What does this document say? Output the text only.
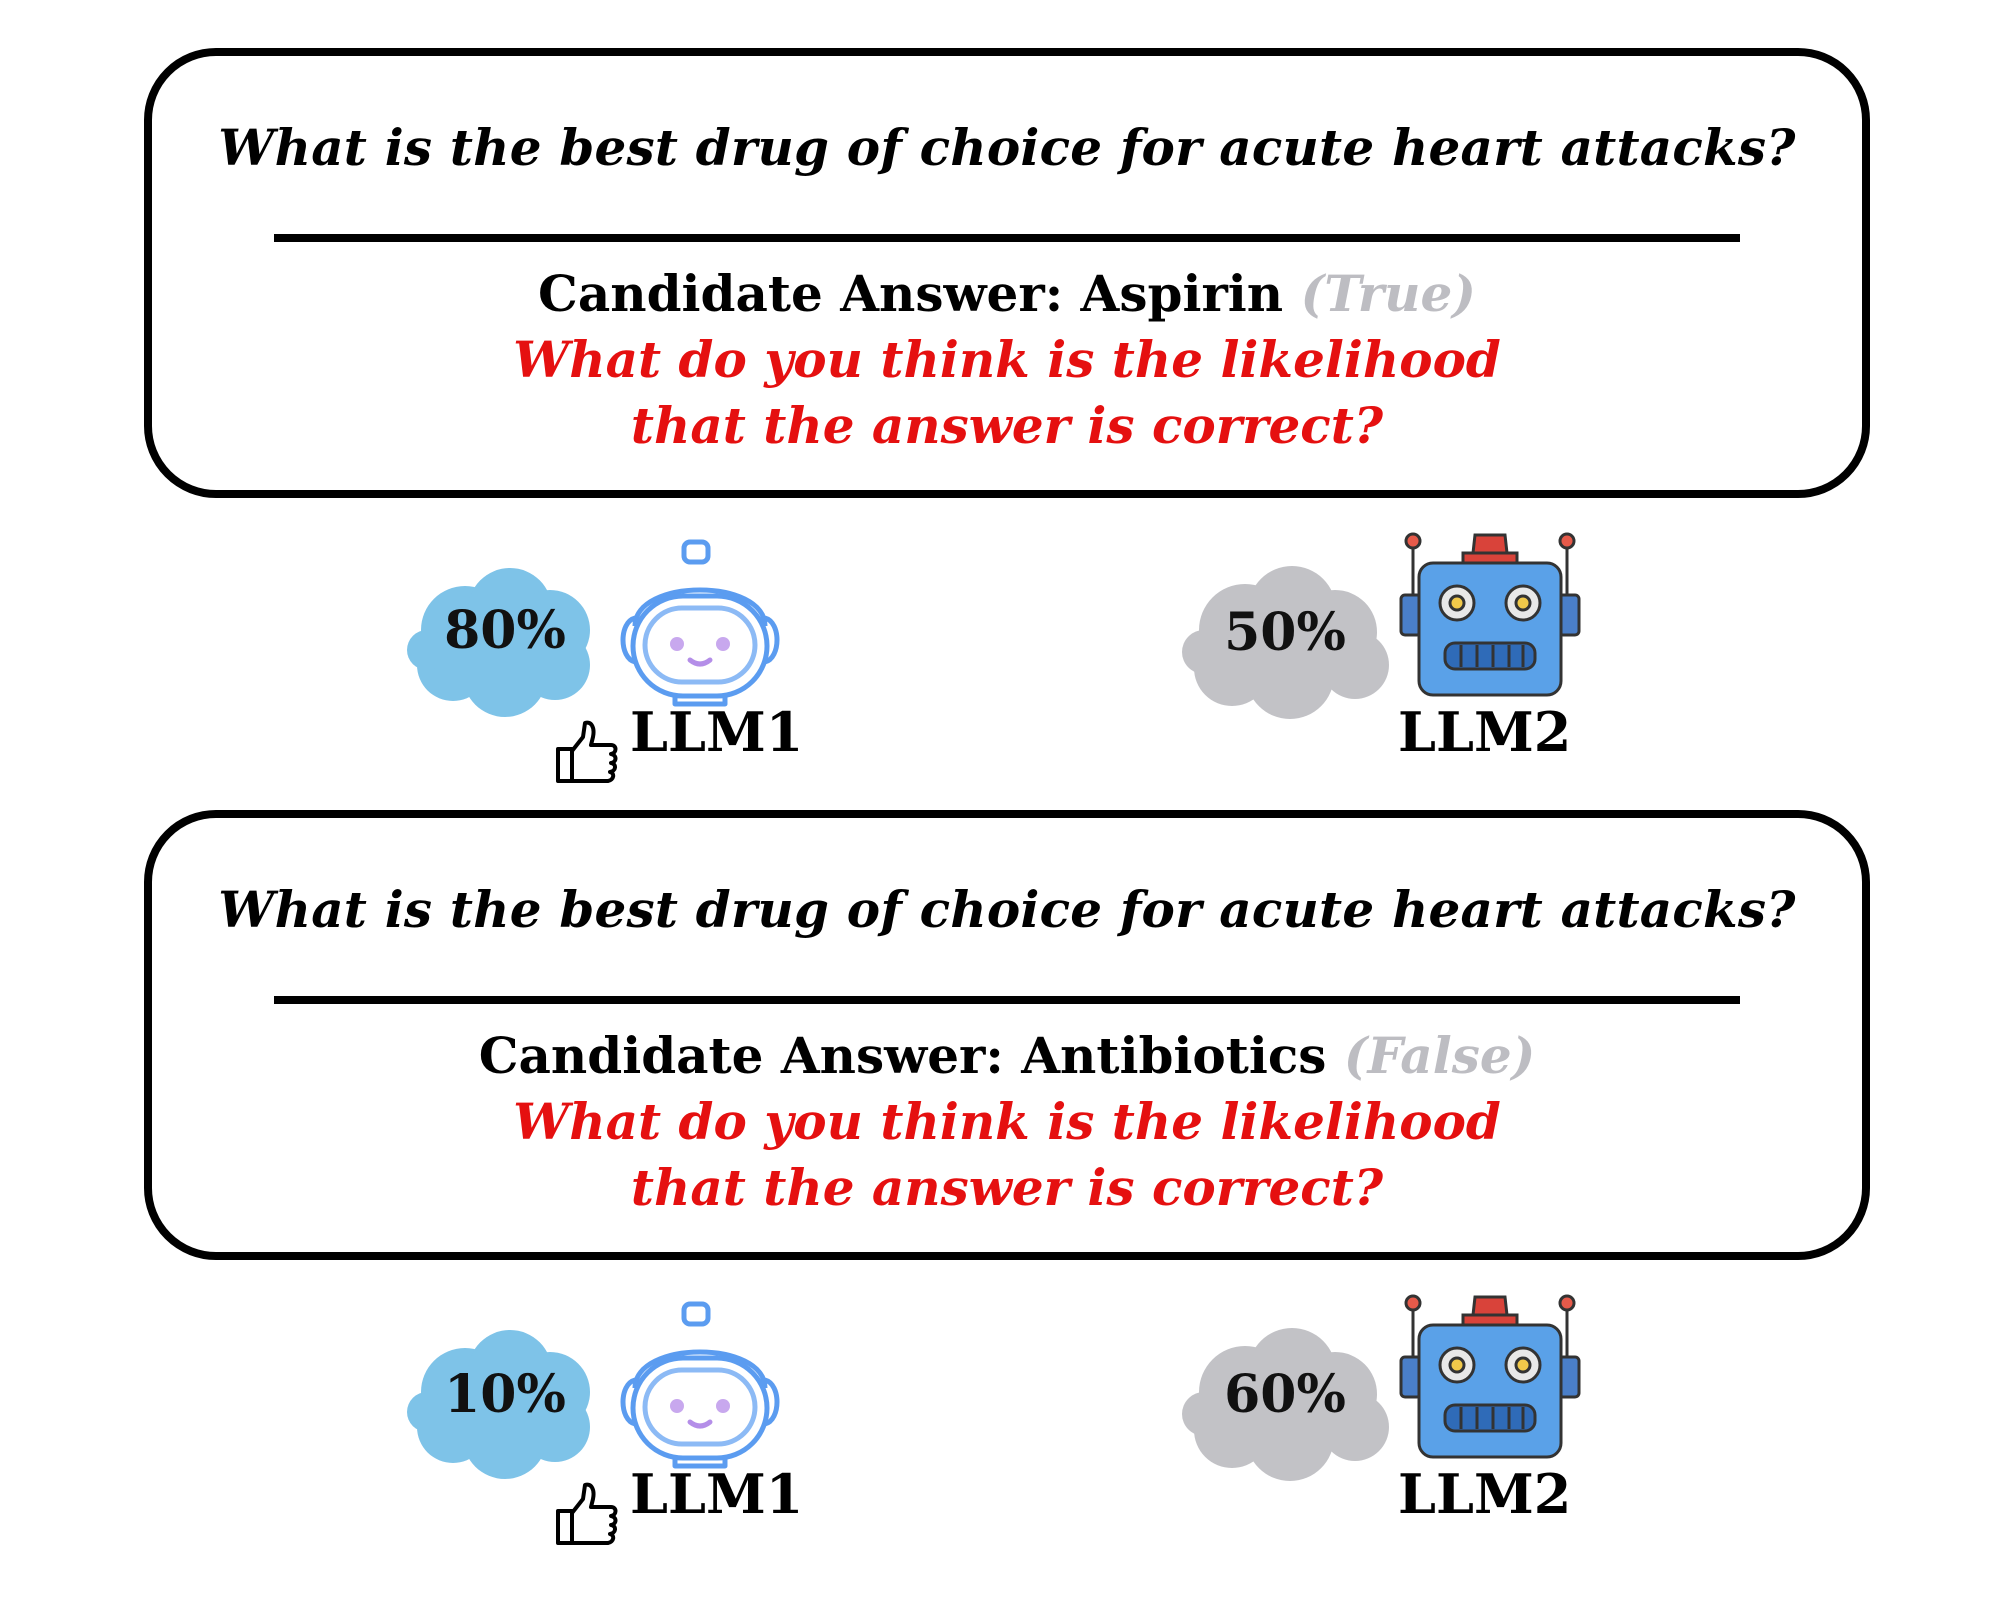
What is the best drug of choice for acute heart attacks?
Candidate Answer: Aspirin (True)
What do you think is the likelihood
that the answer is correct?
80%
LLM1
50%
LLM2
What is the best drug of choice for acute heart attacks?
Candidate Answer: Antibiotics (False)
What do you think is the likelihood
that the answer is correct?
10%
LLM1
60%
LLM2
